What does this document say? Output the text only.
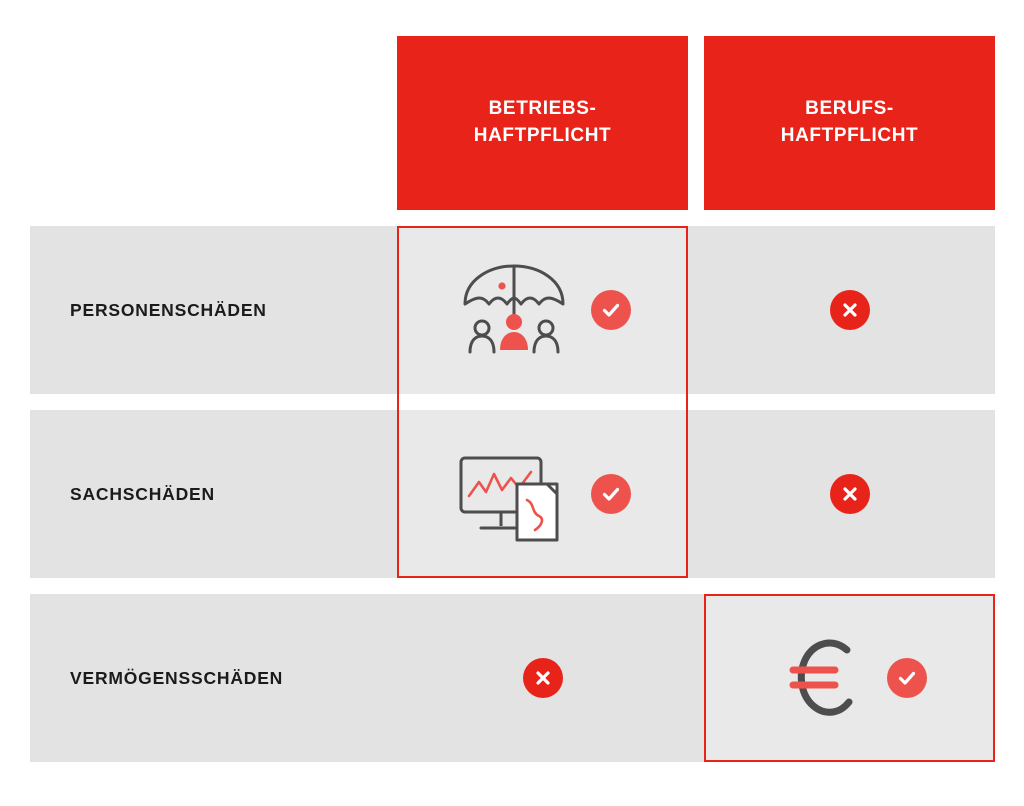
BETRIEBS-
HAFTPFLICHT
BERUFS-
HAFTPFLICHT
PERSONENSCHÄDEN
SACHSCHÄDEN
VERMÖGENSSCHÄDEN
